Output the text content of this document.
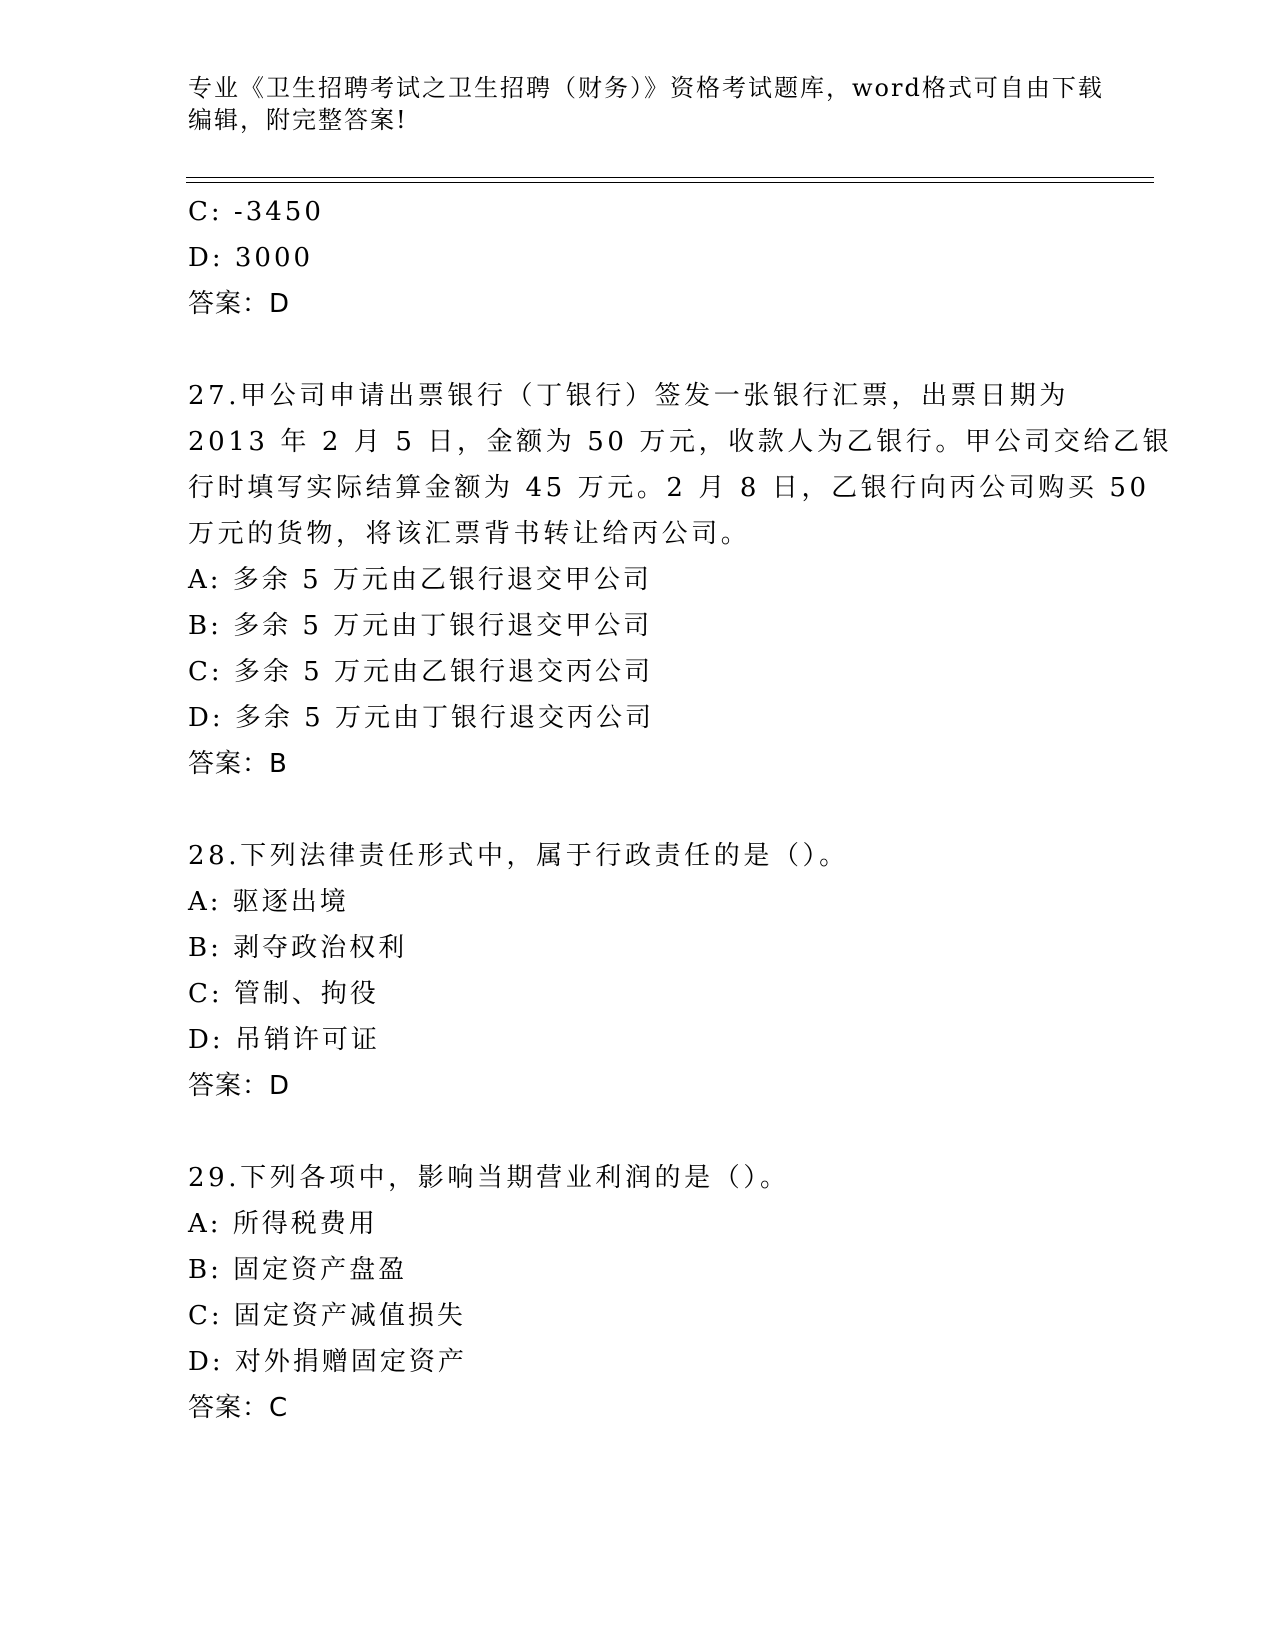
专业《卫生招聘考试之卫生招聘（财务）》资格考试题库，word格式可自由下载
编辑，附完整答案!
C: -3450
D: 3000
答案：D
27.甲公司申请出票银行（丁银行）签发一张银行汇票，出票日期为
2013 年 2 月 5 日，金额为 50 万元，收款人为乙银行。甲公司交给乙银
行时填写实际结算金额为 45 万元。2 月 8 日，乙银行向丙公司购买 50
万元的货物，将该汇票背书转让给丙公司。
A: 多余 5 万元由乙银行退交甲公司
B: 多余 5 万元由丁银行退交甲公司
C: 多余 5 万元由乙银行退交丙公司
D: 多余 5 万元由丁银行退交丙公司
答案：B
28.下列法律责任形式中，属于行政责任的是（）。
A: 驱逐出境
B: 剥夺政治权利
C: 管制、拘役
D: 吊销许可证
答案：D
29.下列各项中，影响当期营业利润的是（）。
A: 所得税费用
B: 固定资产盘盈
C: 固定资产减值损失
D: 对外捐赠固定资产
答案：C
